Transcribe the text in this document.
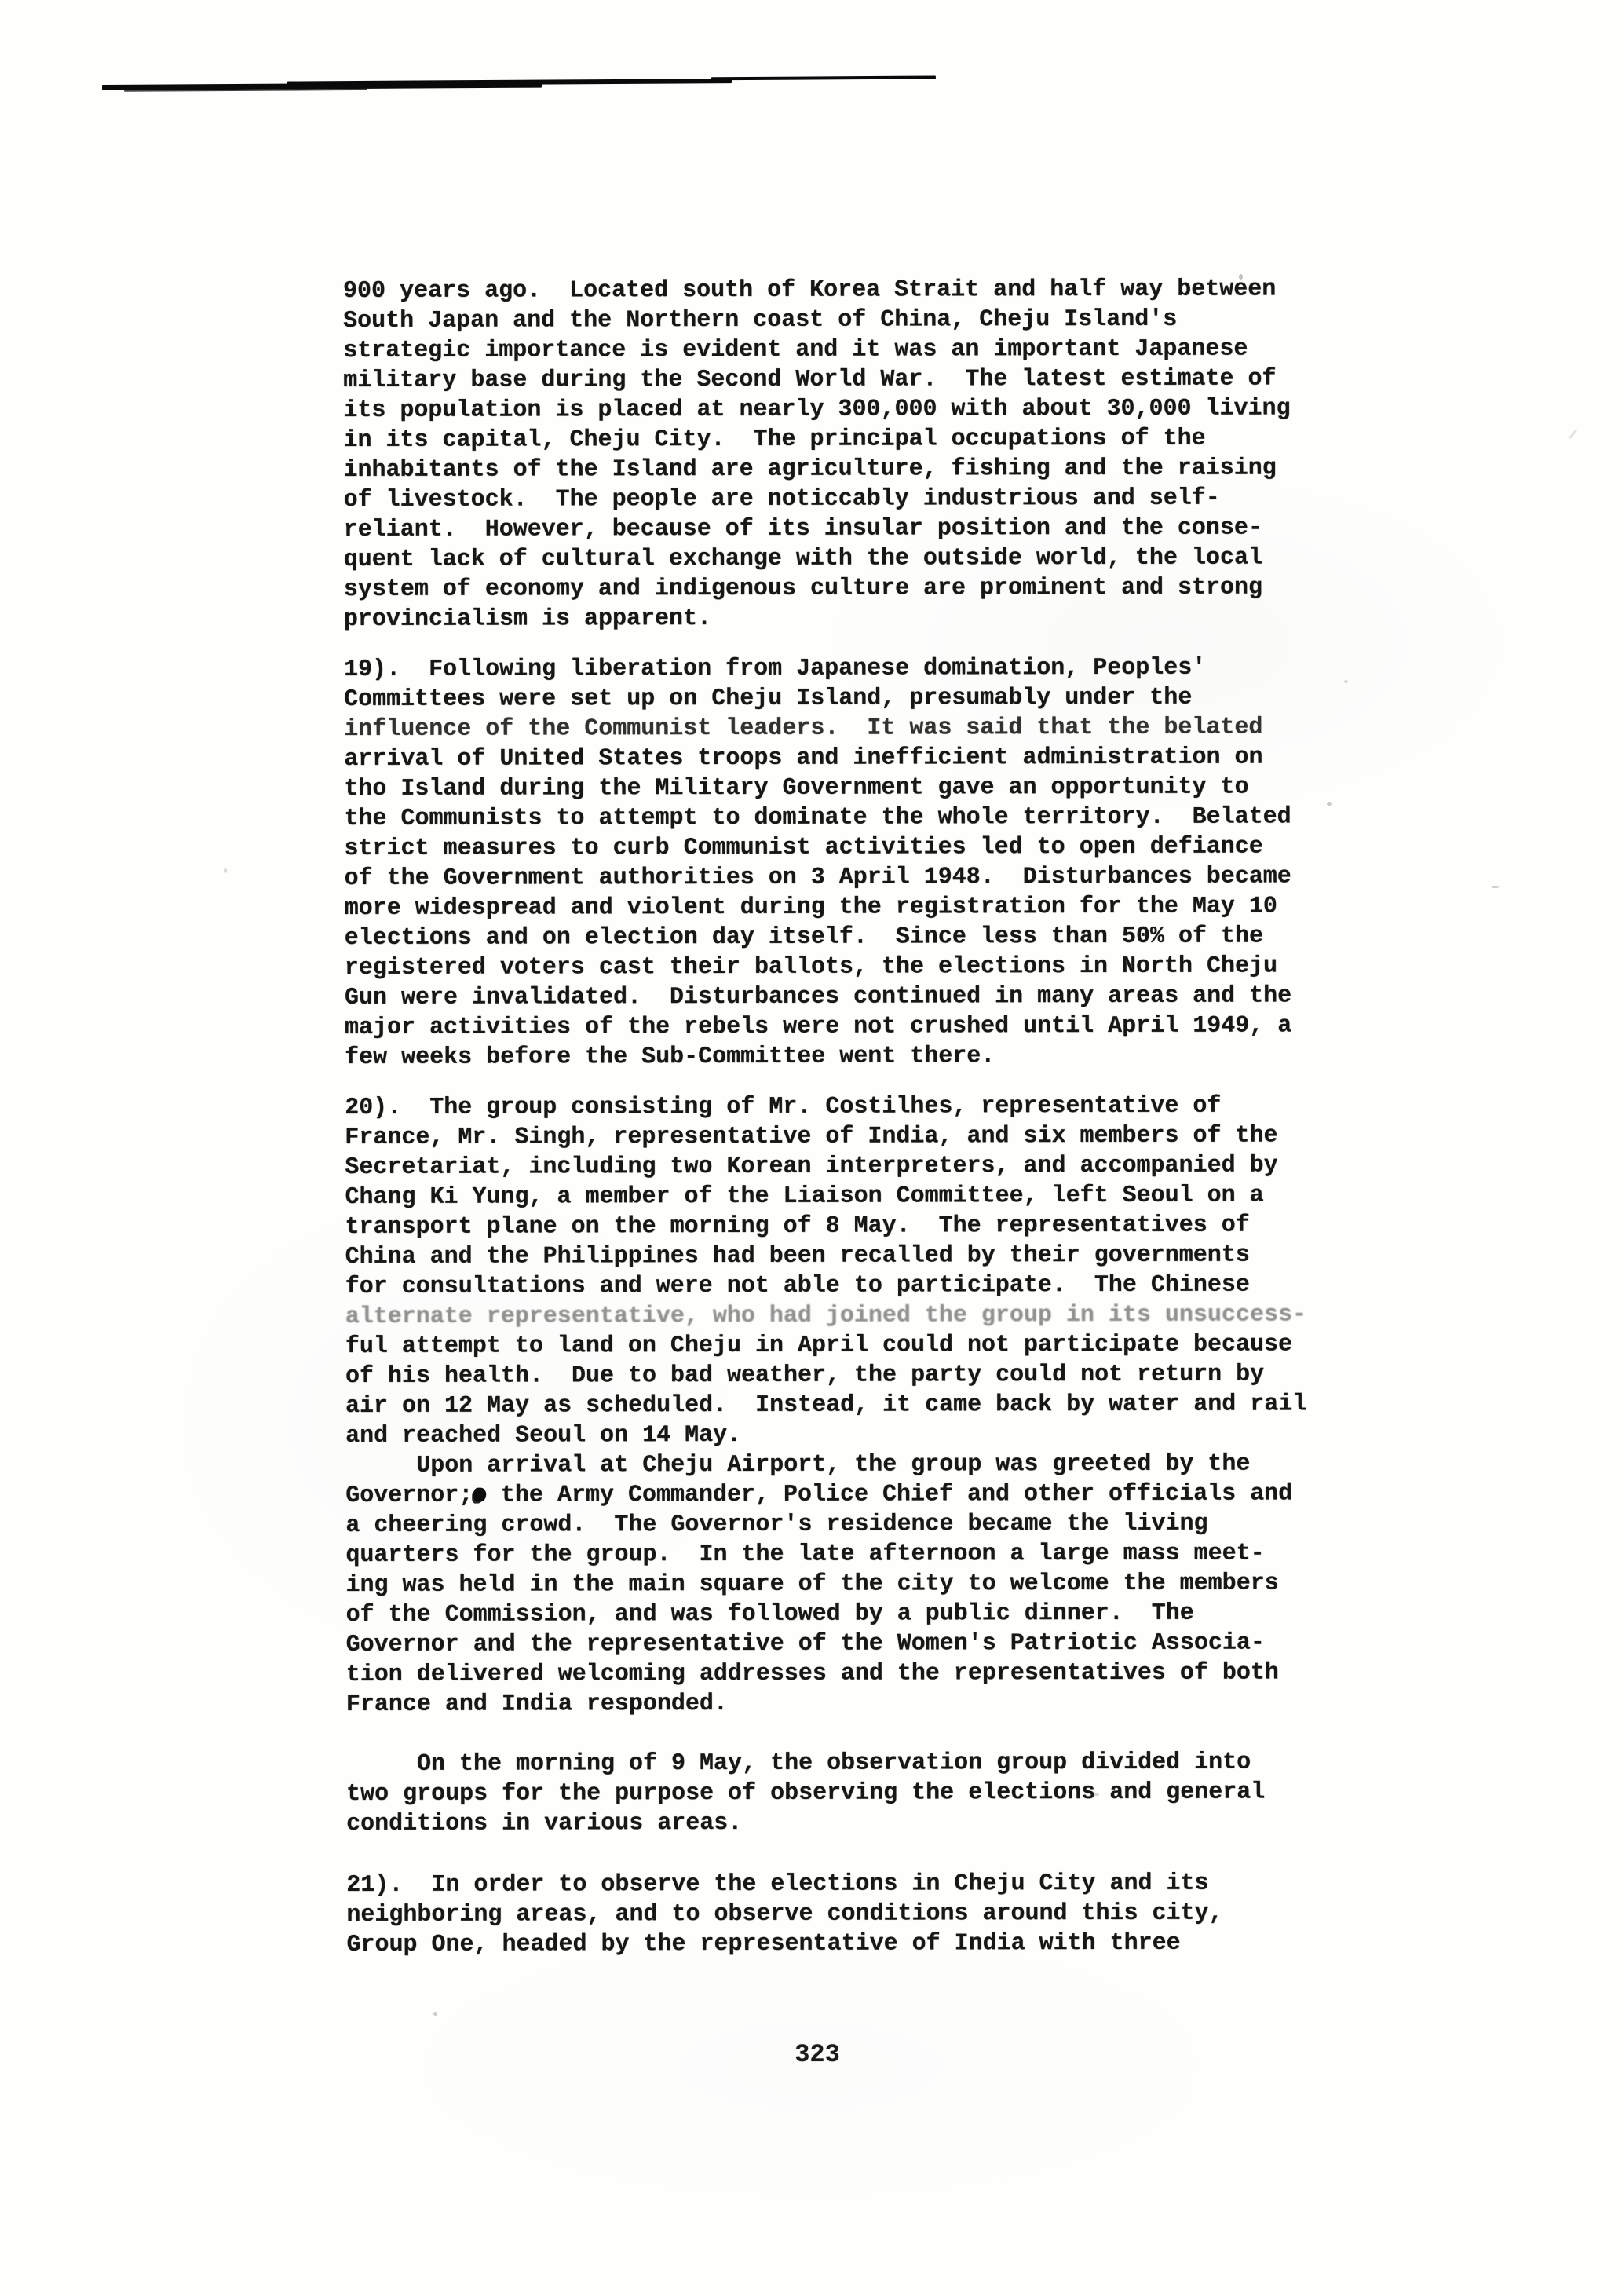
900 years ago.  Located south of Korea Strait and half way between
South Japan and the Northern coast of China, Cheju Island's
strategic importance is evident and it was an important Japanese
military base during the Second World War.  The latest estimate of
its population is placed at nearly 300,000 with about 30,000 living
in its capital, Cheju City.  The principal occupations of the
inhabitants of the Island are agriculture, fishing and the raising
of livestock.  The people are noticcably industrious and self-
reliant.  However, because of its insular position and the conse-
quent lack of cultural exchange with the outside world, the local
system of economy and indigenous culture are prominent and strong
provincialism is apparent.
19).  Following liberation from Japanese domination, Peoples'
Committees were set up on Cheju Island, presumably under the
influence of the Communist leaders.  It was said that the belated
arrival of United States troops and inefficient administration on
tho Island during the Military Government gave an opportunity to
the Communists to attempt to dominate the whole territory.  Belated
strict measures to curb Communist activities led to open defiance
of the Government authorities on 3 April 1948.  Disturbances became
more widespread and violent during the registration for the May 10
elections and on election day itself.  Since less than 50% of the
registered voters cast their ballots, the elections in North Cheju
Gun were invalidated.  Disturbances continued in many areas and the
major activities of the rebels were not crushed until April 1949, a
few weeks before the Sub-Committee went there.
20).  The group consisting of Mr. Costilhes, representative of
France, Mr. Singh, representative of India, and six members of the
Secretariat, including two Korean interpreters, and accompanied by
Chang Ki Yung, a member of the Liaison Committee, left Seoul on a
transport plane on the morning of 8 May.  The representatives of
China and the Philippines had been recalled by their governments
for consultations and were not able to participate.  The Chinese
alternate representative, who had joined the group in its unsuccess-
ful attempt to land on Cheju in April could not participate because
of his health.  Due to bad weather, the party could not return by
air on 12 May as scheduled.  Instead, it came back by water and rail
and reached Seoul on 14 May.
Upon arrival at Cheju Airport, the group was greeted by the
Governor; the Army Commander, Police Chief and other officials and
a cheering crowd.  The Governor's residence became the living
quarters for the group.  In the late afternoon a large mass meet-
ing was held in the main square of the city to welcome the members
of the Commission, and was followed by a public dinner.  The
Governor and the representative of the Women's Patriotic Associa-
tion delivered welcoming addresses and the representatives of both
France and India responded.
On the morning of 9 May, the observation group divided into
two groups for the purpose of observing the elections and general
conditions in various areas.
21).  In order to observe the elections in Cheju City and its
neighboring areas, and to observe conditions around this city,
Group One, headed by the representative of India with three
323
